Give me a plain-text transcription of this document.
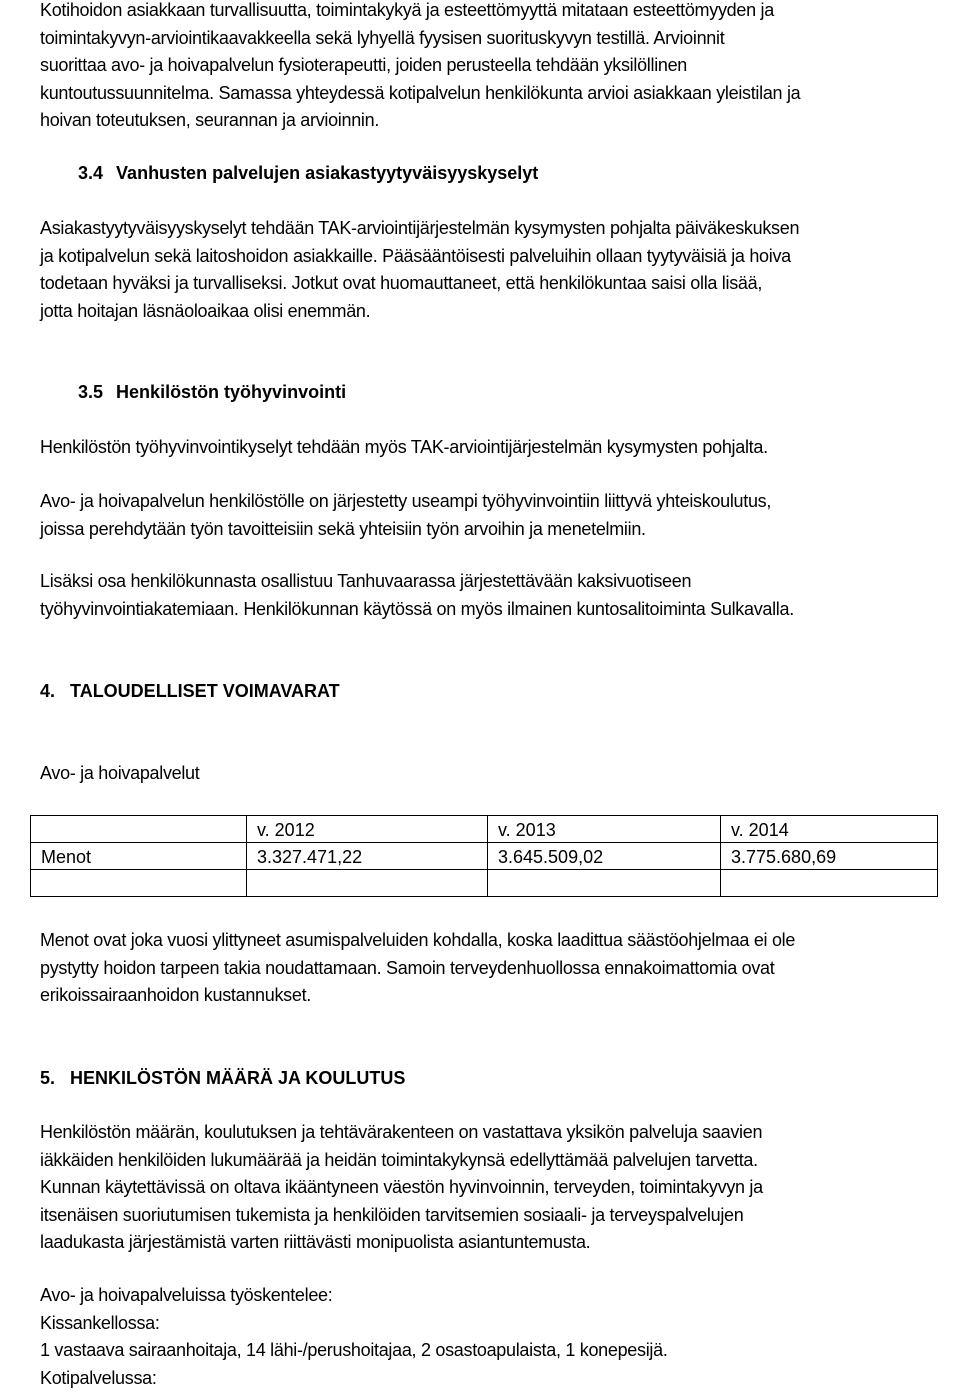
Kotihoidon asiakkaan turvallisuutta, toimintakykyä ja esteettömyyttä mitataan esteettömyyden ja
toimintakyvyn-arviointikaavakkeella sekä lyhyellä fyysisen suorituskyvyn testillä. Arvioinnit
suorittaa avo- ja hoivapalvelun fysioterapeutti, joiden perusteella tehdään yksilöllinen
kuntoutussuunnitelma. Samassa yhteydessä kotipalvelun henkilökunta arvioi asiakkaan yleistilan ja
hoivan toteutuksen, seurannan ja arvioinnin.

3.4 Vanhusten palvelujen asiakastyytyväisyyskyselyt

Asiakastyytyväisyyskyselyt tehdään TAK-arviointijärjestelmän kysymysten pohjalta päiväkeskuksen
ja kotipalvelun sekä laitoshoidon asiakkaille. Pääsääntöisesti palveluihin ollaan tyytyväisiä ja hoiva
todetaan hyväksi ja turvalliseksi. Jotkut ovat huomauttaneet, että henkilökuntaa saisi olla lisää,
jotta hoitajan läsnäoloaikaa olisi enemmän.

3.5 Henkilöstön työhyvinvointi

Henkilöstön työhyvinvointikyselyt tehdään myös TAK-arviointijärjestelmän kysymysten pohjalta.

Avo- ja hoivapalvelun henkilöstölle on järjestetty useampi työhyvinvointiin liittyvä yhteiskoulutus,
joissa perehdytään työn tavoitteisiin sekä yhteisiin työn arvoihin ja menetelmiin.

Lisäksi osa henkilökunnasta osallistuu Tanhuvaarassa järjestettävään kaksivuotiseen
työhyvinvointiakatemiaan. Henkilökunnan käytössä on myös ilmainen kuntosalitoiminta Sulkavalla.

4. TALOUDELLISET VOIMAVARAT

Avo- ja hoivapalvelut

	v. 2012	v. 2013	v. 2014
Menot	3.327.471,22	3.645.509,02	3.775.680,69

Menot ovat joka vuosi ylittyneet asumispalveluiden kohdalla, koska laadittua säästöohjelmaa ei ole
pystytty hoidon tarpeen takia noudattamaan. Samoin terveydenhuollossa ennakoimattomia ovat
erikoissairaanhoidon kustannukset.

5. HENKILÖSTÖN MÄÄRÄ JA KOULUTUS

Henkilöstön määrän, koulutuksen ja tehtävärakenteen on vastattava yksikön palveluja saavien
iäkkäiden henkilöiden lukumäärää ja heidän toimintakykynsä edellyttämää palvelujen tarvetta.
Kunnan käytettävissä on oltava ikääntyneen väestön hyvinvoinnin, terveyden, toimintakyvyn ja
itsenäisen suoriutumisen tukemista ja henkilöiden tarvitsemien sosiaali- ja terveyspalvelujen
laadukasta järjestämistä varten riittävästi monipuolista asiantuntemusta.

Avo- ja hoivapalveluissa työskentelee:
Kissankellossa:
1 vastaava sairaanhoitaja, 14 lähi-/perushoitajaa, 2 osastoapulaista, 1 konepesijä.
Kotipalvelussa:
